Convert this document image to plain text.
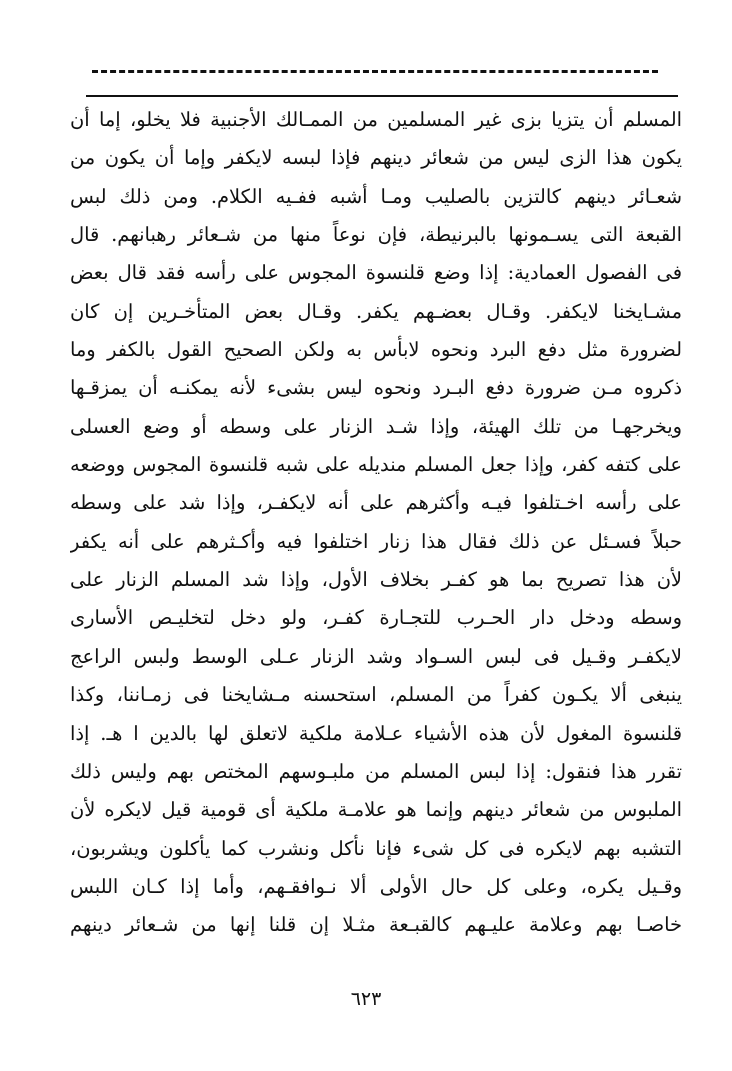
المسلم أن يتزيا بزى غير المسلمين من الممـالك الأجنبية فلا يخلو، إما أن
يكون هذا الزى ليس من شعائر دينهم فإذا لبسه لايكفر وإما أن يكون من
شعـائر دينهم كالتزين بالصليب ومـا أشبه ففـيه الكلام. ومن ذلك لبس
القبعة التى يسـمونها بالبرنيطة، فإن نوعاً منها من شـعائر رهبانهم. قال
فى الفصول العمادية: إذا وضع قلنسوة المجوس على رأسه فقد قال بعض
مشـايخنا لايكفر. وقـال بعضـهم يكفر. وقـال بعض المتأخـرين إن كان
لضرورة مثل دفع البرد ونحوه لابأس به ولكن الصحيح القول بالكفر وما
ذكروه مـن ضرورة دفع البـرد ونحوه ليس بشىء لأنه يمكنـه أن يمزقـها
ويخرجهـا من تلك الهيئة، وإذا شـد الزنار على وسطه أو وضع العسلى
على كتفه كفر، وإذا جعل المسلم منديله على شبه قلنسوة المجوس ووضعه
على رأسه اخـتلفوا فيـه وأكثرهم على أنه لايكفـر، وإذا شد على وسطه
حبلاً فسـئل عن ذلك فقال هذا زنار اختلفوا فيه وأكـثرهم على أنه يكفر
لأن هذا تصريح بما هو كفـر بخلاف الأول، وإذا شد المسلم الزنار على
وسطه ودخل دار الحـرب للتجـارة كفـر، ولو دخل لتخليـص الأسارى
لايكفـر وقـيل فى لبس السـواد وشد الزنار عـلى الوسط ولبس الراعج
ينبغى ألا يكـون كفراً من المسلم، استحسنه مـشايخنا فى زمـاننا، وكذا
قلنسوة المغول لأن هذه الأشياء عـلامة ملكية لاتعلق لها بالدين ا هـ. إذا
تقرر هذا فنقول: إذا لبس المسلم من ملبـوسهم المختص بهم وليس ذلك
الملبوس من شعائر دينهم وإنما هو علامـة ملكية أى قومية قيل لايكره لأن
التشبه بهم لايكره فى كل شىء فإنا نأكل ونشرب كما يأكلون ويشربون،
وقـيل يكره، وعلى كل حال الأولى ألا نـوافقـهم، وأما إذا كـان اللبس
خاصـا بهم وعلامة عليـهم كالقبـعة مثـلا إن قلنا إنها من شـعائر دينهم
٦٢٣
